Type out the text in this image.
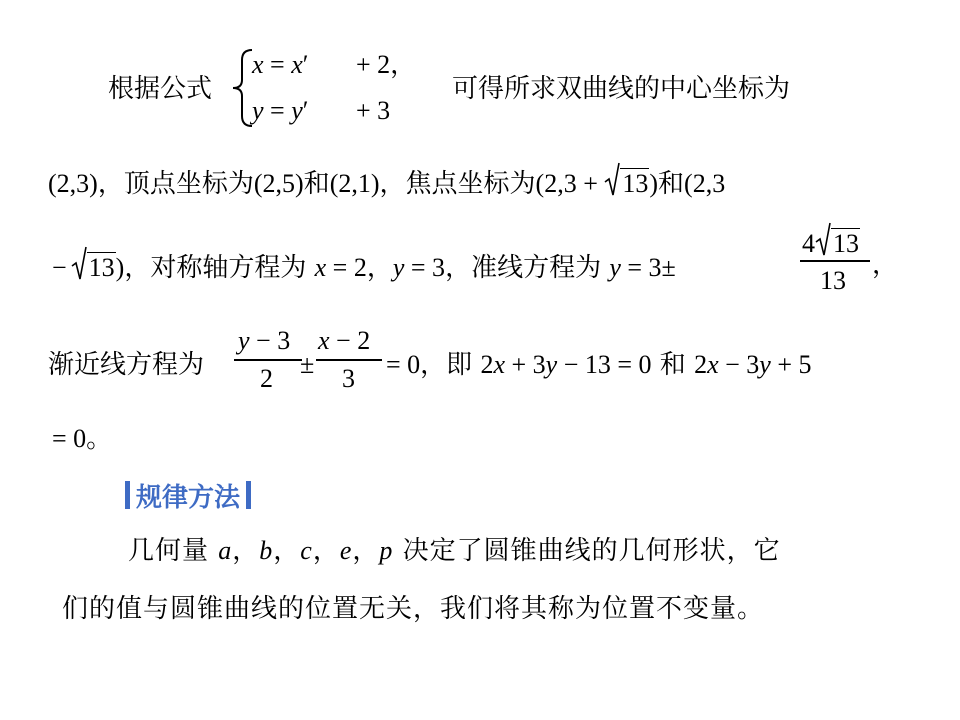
根据公式
x = x′ + 2，
y = y′ + 3
可得所求双曲线的中心坐标为
(2,3)，顶点坐标为(2,5)和(2,1)，焦点坐标为(2,3 +
13)和(2,3
− 13)，对称轴方程为 x = 2，y = 3，准线方程为 y = 3±
4 13
13
，
渐近线方程为
y − 3
2 ±
x − 2
3 = 0，即 2x + 3y − 13 = 0 和 2x − 3y + 5
= 0。
规律方法
几何量 a，b，c，e，p 决定了圆锥曲线的几何形状，它
们的值与圆锥曲线的位置无关，我们将其称为位置不变量。
